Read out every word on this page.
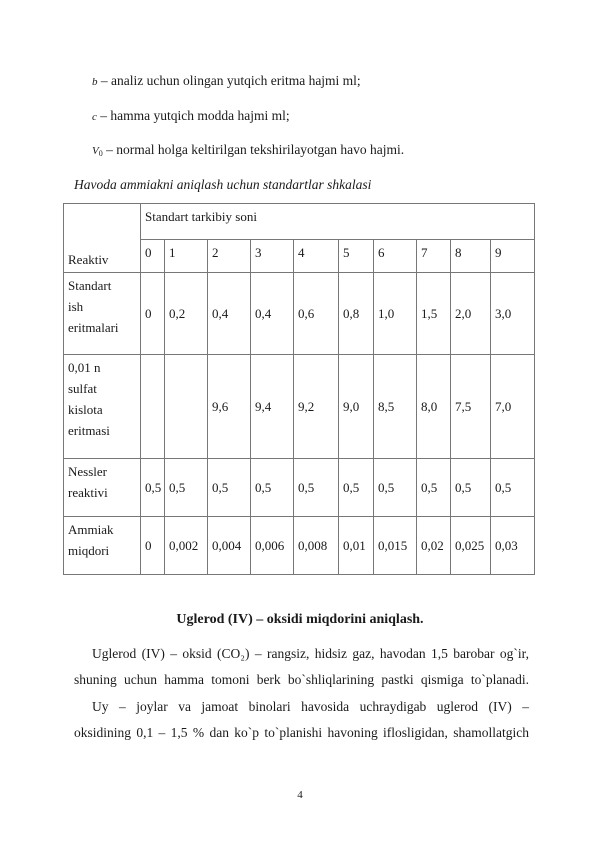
b – analiz uchun olingan yutqich eritma hajmi ml;
c – hamma yutqich modda hajmi ml;
$V_0$ – normal holga keltirilgan tekshirilayotgan havo hajmi.
Havoda ammiakni aniqlash uchun standartlar shkalasi
Reaktiv	Standart tarkibiy soni									
	0	1	2	3	4	5	6	7	8	9

Standart
ish
eritmalari	0	0,2	0,4	0,4	0,6	0,8	1,0	1,5	2,0	3,0

0,01 n
sulfat
kislota
eritmasi			9,6	9,4	9,2	9,0	8,5	8,0	7,5	7,0

Nessler
reaktivi	0,5	0,5	0,5	0,5	0,5	0,5	0,5	0,5	0,5	0,5

Ammiak
miqdori	0	0,002	0,004	0,006	0,008	0,01	0,015	0,02	0,025	0,03
Uglerod (IV) – oksidi miqdorini aniqlash.
Uglerod (IV) – oksid (CO₂) – rangsiz, hidsiz gaz, havodan 1,5 barobar og`ir,
shuning uchun hamma tomoni berk bo`shliqlarining pastki qismiga to`planadi.
Uy – joylar va jamoat binolari havosida uchraydigab uglerod (IV) –
oksidining 0,1 – 1,5 % dan ko`p to`planishi havoning iflosligidan, shamollatgich
4
